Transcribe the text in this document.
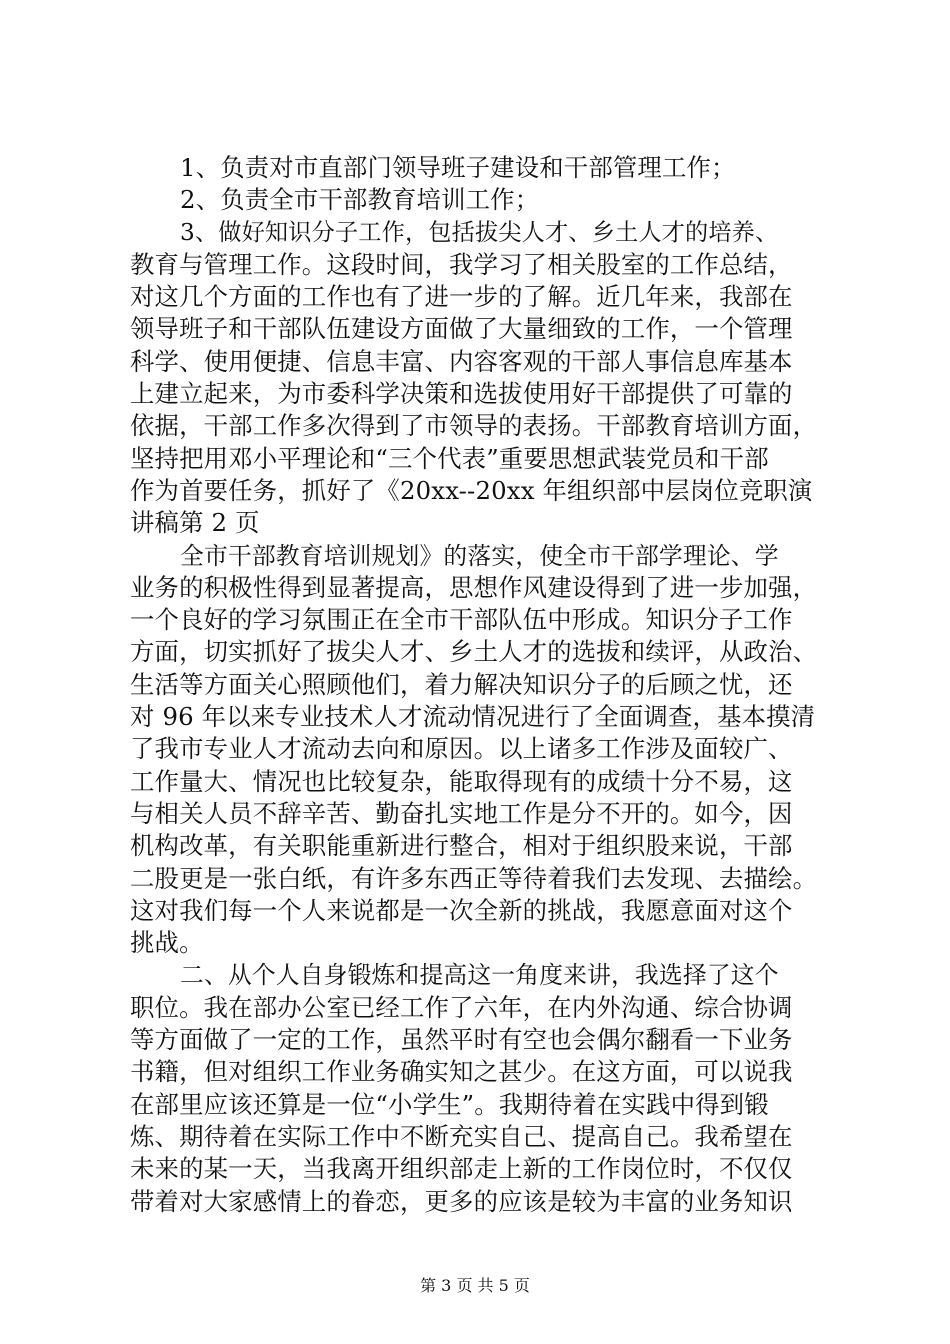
1、负责对市直部门领导班子建设和干部管理工作；
2、负责全市干部教育培训工作；
3、做好知识分子工作，包括拔尖人才、乡土人才的培养、
教育与管理工作。这段时间，我学习了相关股室的工作总结，
对这几个方面的工作也有了进一步的了解。近几年来，我部在
领导班子和干部队伍建设方面做了大量细致的工作，一个管理
科学、使用便捷、信息丰富、内容客观的干部人事信息库基本
上建立起来，为市委科学决策和选拔使用好干部提供了可靠的
依据，干部工作多次得到了市领导的表扬。干部教育培训方面，
坚持把用邓小平理论和“三个代表”重要思想武装党员和干部
作为首要任务，抓好了《20xx--20xx 年组织部中层岗位竞职演
讲稿第 2 页
全市干部教育培训规划》的落实，使全市干部学理论、学
业务的积极性得到显著提高，思想作风建设得到了进一步加强，
一个良好的学习氛围正在全市干部队伍中形成。知识分子工作
方面，切实抓好了拔尖人才、乡土人才的选拔和续评，从政治、
生活等方面关心照顾他们，着力解决知识分子的后顾之忧，还
对 96 年以来专业技术人才流动情况进行了全面调查，基本摸清
了我市专业人才流动去向和原因。以上诸多工作涉及面较广、
工作量大、情况也比较复杂，能取得现有的成绩十分不易，这
与相关人员不辞辛苦、勤奋扎实地工作是分不开的。如今，因
机构改革，有关职能重新进行整合，相对于组织股来说，干部
二股更是一张白纸，有许多东西正等待着我们去发现、去描绘。
这对我们每一个人来说都是一次全新的挑战，我愿意面对这个
挑战。
二、从个人自身锻炼和提高这一角度来讲，我选择了这个
职位。我在部办公室已经工作了六年，在内外沟通、综合协调
等方面做了一定的工作，虽然平时有空也会偶尔翻看一下业务
书籍，但对组织工作业务确实知之甚少。在这方面，可以说我
在部里应该还算是一位“小学生”。我期待着在实践中得到锻
炼、期待着在实际工作中不断充实自己、提高自己。我希望在
未来的某一天，当我离开组织部走上新的工作岗位时，不仅仅
带着对大家感情上的眷恋，更多的应该是较为丰富的业务知识
第 3 页 共 5 页
